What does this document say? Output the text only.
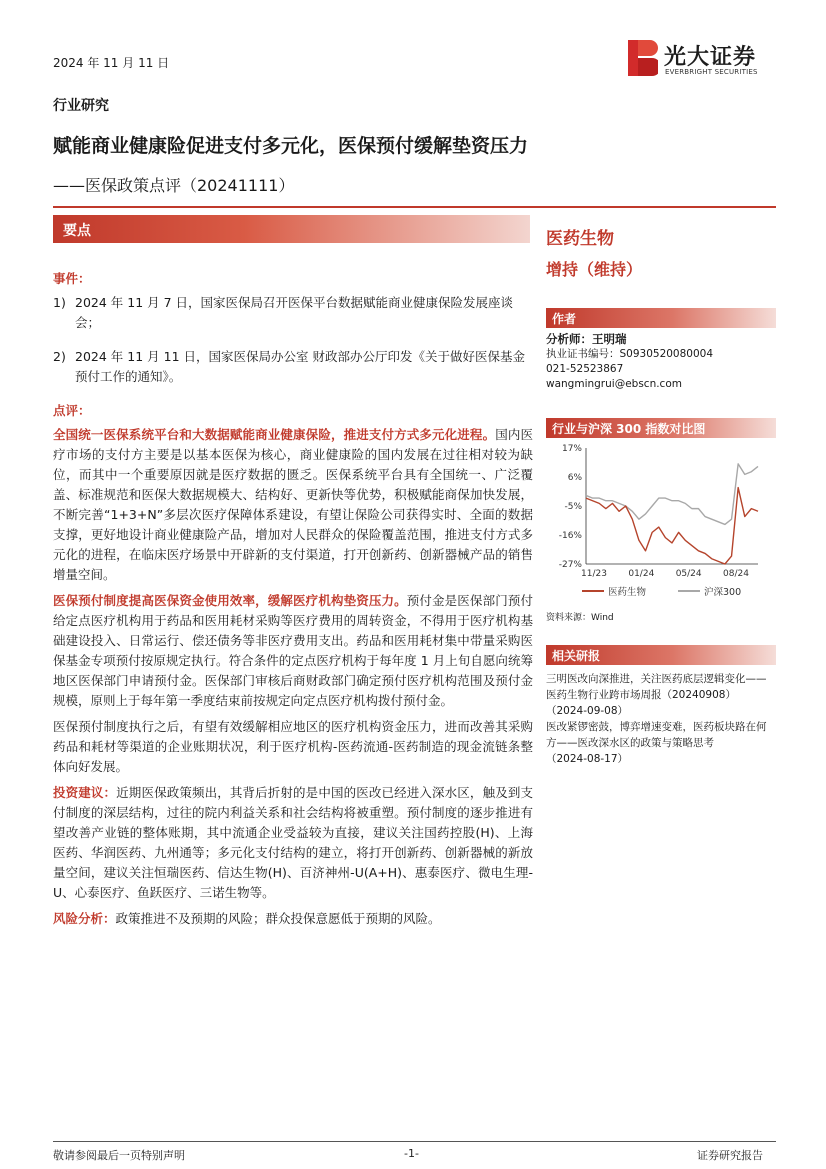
2024 年 11 月 11 日	光大证券
EVERBRIGHT SECURITIES
行业研究
赋能商业健康险促进支付多元化，医保预付缓解垫资压力
——医保政策点评（20241111）
要点
事件：
1) 2024 年 11 月 7 日，国家医保局召开医保平台数据赋能商业健康保险发展座谈会；
2) 2024 年 11 月 11 日，国家医保局办公室 财政部办公厅印发《关于做好医保基金预付工作的通知》。
点评：
全国统一医保系统平台和大数据赋能商业健康保险，推进支付方式多元化进程。国内医疗市场的支付方主要是以基本医保为核心，商业健康险的国内发展在过往相对较为缺位，而其中一个重要原因就是医疗数据的匮乏。医保系统平台具有全国统一、广泛覆盖、标准规范和医保大数据规模大、结构好、更新快等优势，积极赋能商保加快发展，不断完善“1+3+N”多层次医疗保障体系建设，有望让保险公司获得实时、全面的数据支撑，更好地设计商业健康险产品，增加对人民群众的保险覆盖范围，推进支付方式多元化的进程，在临床医疗场景中开辟新的支付渠道，打开创新药、创新器械产品的销售增量空间。
医保预付制度提高医保资金使用效率，缓解医疗机构垫资压力。预付金是医保部门预付给定点医疗机构用于药品和医用耗材采购等医疗费用的周转资金，不得用于医疗机构基础建设投入、日常运行、偿还债务等非医疗费用支出。药品和医用耗材集中带量采购医保基金专项预付按原规定执行。符合条件的定点医疗机构于每年度 1 月上旬自愿向统筹地区医保部门申请预付金。医保部门审核后商财政部门确定预付医疗机构范围及预付金规模，原则上于每年第一季度结束前按规定向定点医疗机构拨付预付金。
医保预付制度执行之后，有望有效缓解相应地区的医疗机构资金压力，进而改善其采购药品和耗材等渠道的企业账期状况，利于医疗机构-医药流通-医药制造的现金流链条整体向好发展。
投资建议：近期医保政策频出，其背后折射的是中国的医改已经进入深水区，触及到支付制度的深层结构，过往的院内利益关系和社会结构将被重塑。预付制度的逐步推进有望改善产业链的整体账期，其中流通企业受益较为直接，建议关注国药控股(H)、上海医药、华润医药、九州通等；多元化支付结构的建立，将打开创新药、创新器械的新放量空间，建议关注恒瑞医药、信达生物(H)、百济神州-U(A+H)、惠泰医疗、微电生理-U、心泰医疗、鱼跃医疗、三诺生物等。
风险分析：政策推进不及预期的风险；群众投保意愿低于预期的风险。
医药生物
增持（维持）
作者
分析师：王明瑞
执业证书编号：S0930520080004
021-52523867
wangmingrui@ebscn.com
行业与沪深 300 指数对比图
17%
6%
-5%
-16%
-27%
11/23 01/24 05/24 08/24
医药生物	沪深300
资料来源：Wind
相关研报
三明医改向深推进，关注医药底层逻辑变化——医药生物行业跨市场周报（20240908）
（2024-09-08）
医改紧锣密鼓，博弈增速变难，医药板块路在何方——医改深水区的政策与策略思考
（2024-08-17）
敬请参阅最后一页特别声明	-1-	证券研究报告
